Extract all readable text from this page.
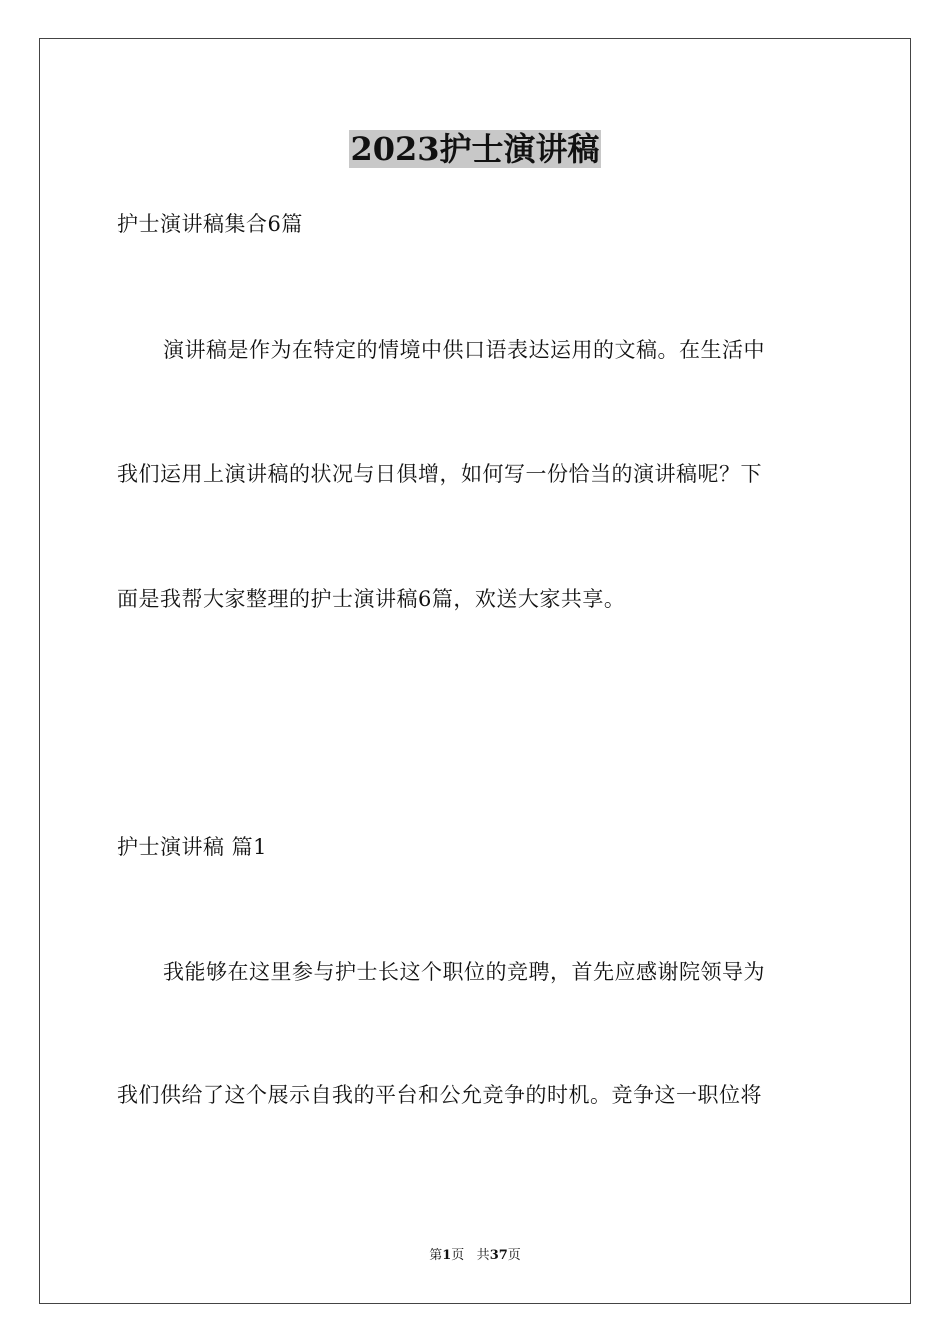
2023护士演讲稿
护士演讲稿集合6篇
演讲稿是作为在特定的情境中供口语表达运用的文稿。在生活中
我们运用上演讲稿的状况与日俱增，如何写一份恰当的演讲稿呢？下
面是我帮大家整理的护士演讲稿6篇，欢送大家共享。
护士演讲稿 篇1
我能够在这里参与护士长这个职位的竞聘，首先应感谢院领导为
我们供给了这个展示自我的平台和公允竞争的时机。竞争这一职位将
第1页 共37页
